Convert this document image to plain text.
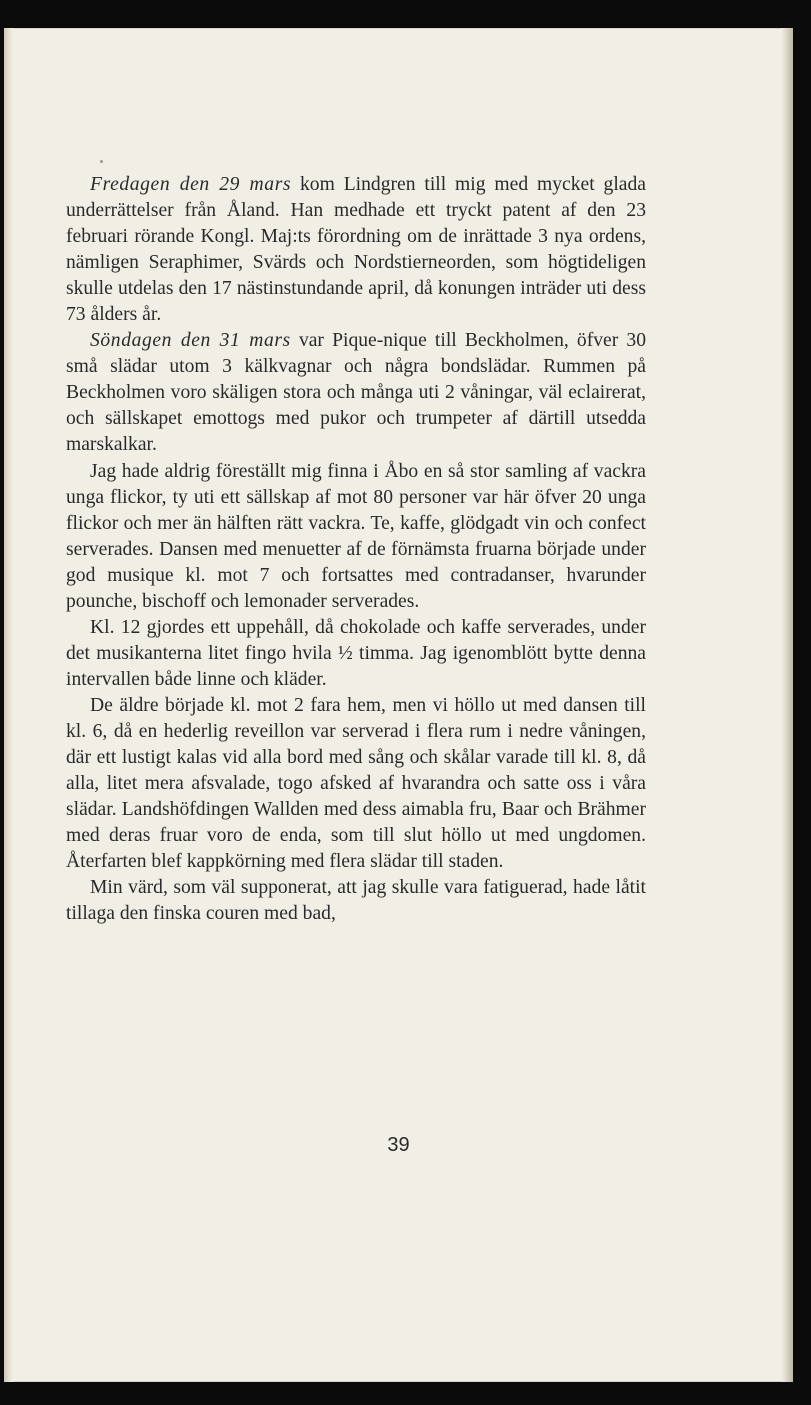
Fredagen den 29 mars kom Lindgren till mig med mycket glada underrättelser från Åland. Han medhade ett tryckt patent af den 23 februari rörande Kongl. Maj:ts förordning om de inrättade 3 nya ordens, nämligen Seraphimer, Svärds och Nordstierneorden, som högtideligen skulle utdelas den 17 nästinstundande april, då konungen inträder uti dess 73 ålders år.

Söndagen den 31 mars var Pique-nique till Beckholmen, öfver 30 små slädar utom 3 kälkvagnar och några bondslädar. Rummen på Beckholmen voro skäligen stora och många uti 2 våningar, väl eclairerat, och sällskapet emottogs med pukor och trumpeter af därtill utsedda marskalkar.

Jag hade aldrig föreställt mig finna i Åbo en så stor samling af vackra unga flickor, ty uti ett sällskap af mot 80 personer var här öfver 20 unga flickor och mer än hälften rätt vackra. Te, kaffe, glödgadt vin och confect serverades. Dansen med menuetter af de förnämsta fruarna började under god musique kl. mot 7 och fortsattes med contradanser, hvarunder pounche, bischoff och lemonader serverades.

Kl. 12 gjordes ett uppehåll, då chokolade och kaffe serverades, under det musikanterna litet fingo hvila ½ timma. Jag igenomblött bytte denna intervallen både linne och kläder.

De äldre började kl. mot 2 fara hem, men vi höllo ut med dansen till kl. 6, då en hederlig reveillon var serverad i flera rum i nedre våningen, där ett lustigt kalas vid alla bord med sång och skålar varade till kl. 8, då alla, litet mera afsvalade, togo afsked af hvarandra och satte oss i våra slädar. Landshöfdingen Wallden med dess aimabla fru, Baar och Brähmer med deras fruar voro de enda, som till slut höllo ut med ungdomen. Återfarten blef kappkörning med flera slädar till staden.

Min värd, som väl supponerat, att jag skulle vara fatiguerad, hade låtit tillaga den finska couren med bad,

39
